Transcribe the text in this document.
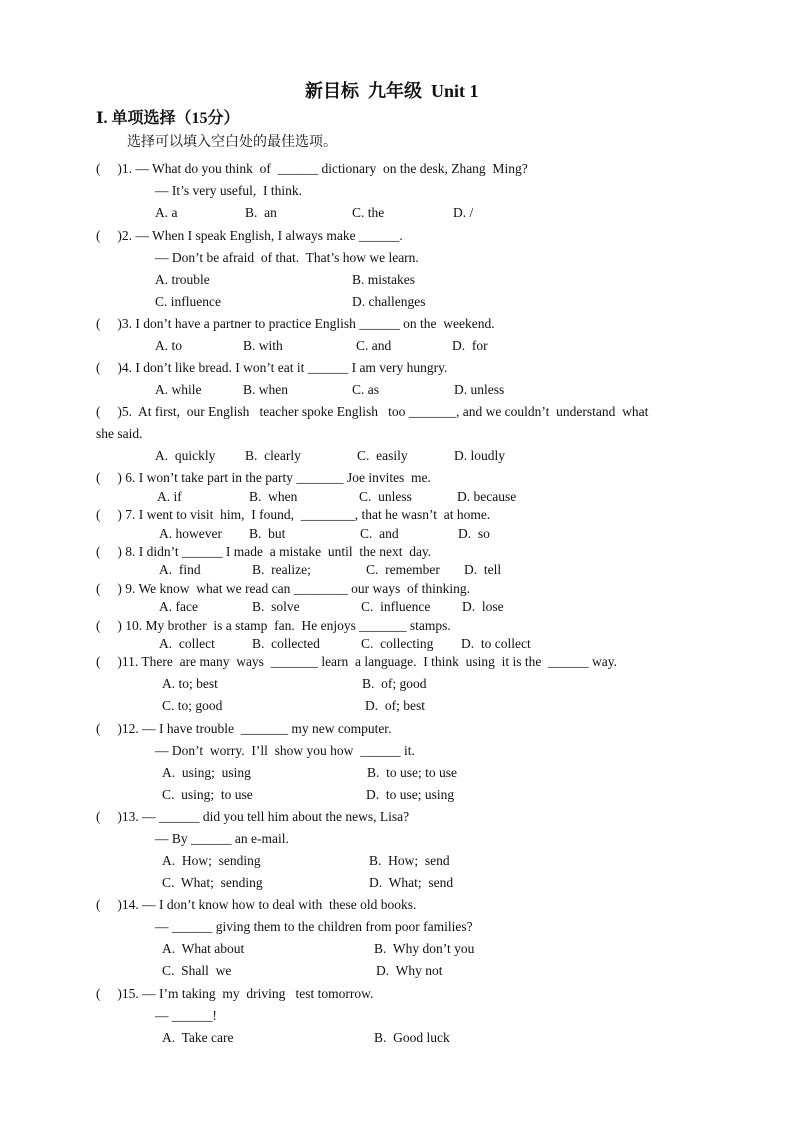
新目标  九年级  Unit 1
Ⅰ. 单项选择（15分）
选择可以填入空白处的最佳选项。
(     )1. — What do you think  of  ______ dictionary  on the desk, Zhang  Ming?
— It’s very useful,  I think.
A. a	B.  an	C. the	D. /
(     )2. — When I speak English, I always make ______.
— Don’t be afraid  of that.  That’s how we learn.
A. trouble	B. mistakes
C. influence	D. challenges
(     )3. I don’t have a partner to practice English ______ on the  weekend.
A. to	B. with	C. and	D.  for
(     )4. I don’t like bread. I won’t eat it ______ I am very hungry.
A. while	B. when	C. as	D. unless
(     )5.  At first,  our English   teacher spoke English   too _______, and we couldn’t  understand  what
she said.
A.  quickly B.  clearly	C.  easily	D. loudly
(     ) 6. I won’t take part in the party _______ Joe invites  me.
A. if	B.  when	C.  unless	D. because
(     ) 7. I went to visit  him,  I found,  ________, that he wasn’t  at home.
A. however B.  but	C.  and	D.  so
(     ) 8. I didn’t ______ I made  a mistake  until  the next  day.
A.  find	B.  realize;	C.  remember D.  tell
(     ) 9. We know  what we read can ________ our ways  of thinking.
A. face	B.  solve	C.  influence D.  lose
(     ) 10. My brother  is a stamp  fan.  He enjoys _______ stamps.
A.  collect	B.  collected	C.  collecting D.  to collect
(     )11. There  are many  ways  _______ learn  a language.  I think  using  it is the  ______ way.
A. to; best	B.  of; good
C. to; good	D.  of; best
(     )12. — I have trouble  _______ my new computer.
— Don’t  worry.  I’ll  show you how  ______ it.
A.  using;  using	B.  to use; to use
C.  using;  to use	D.  to use; using
(     )13. — ______ did you tell him about the news, Lisa?
— By ______ an e-mail.
A.  How;  sending	B.  How;  send
C.  What;  sending	D.  What;  send
(     )14. — I don’t know how to deal with  these old books.
— ______ giving them to the children from poor families?
A.  What about	B.  Why don’t you
C.  Shall  we	D.  Why not
(     )15. — I’m taking  my  driving   test tomorrow.
— ______!
A.  Take care	B.  Good luck
